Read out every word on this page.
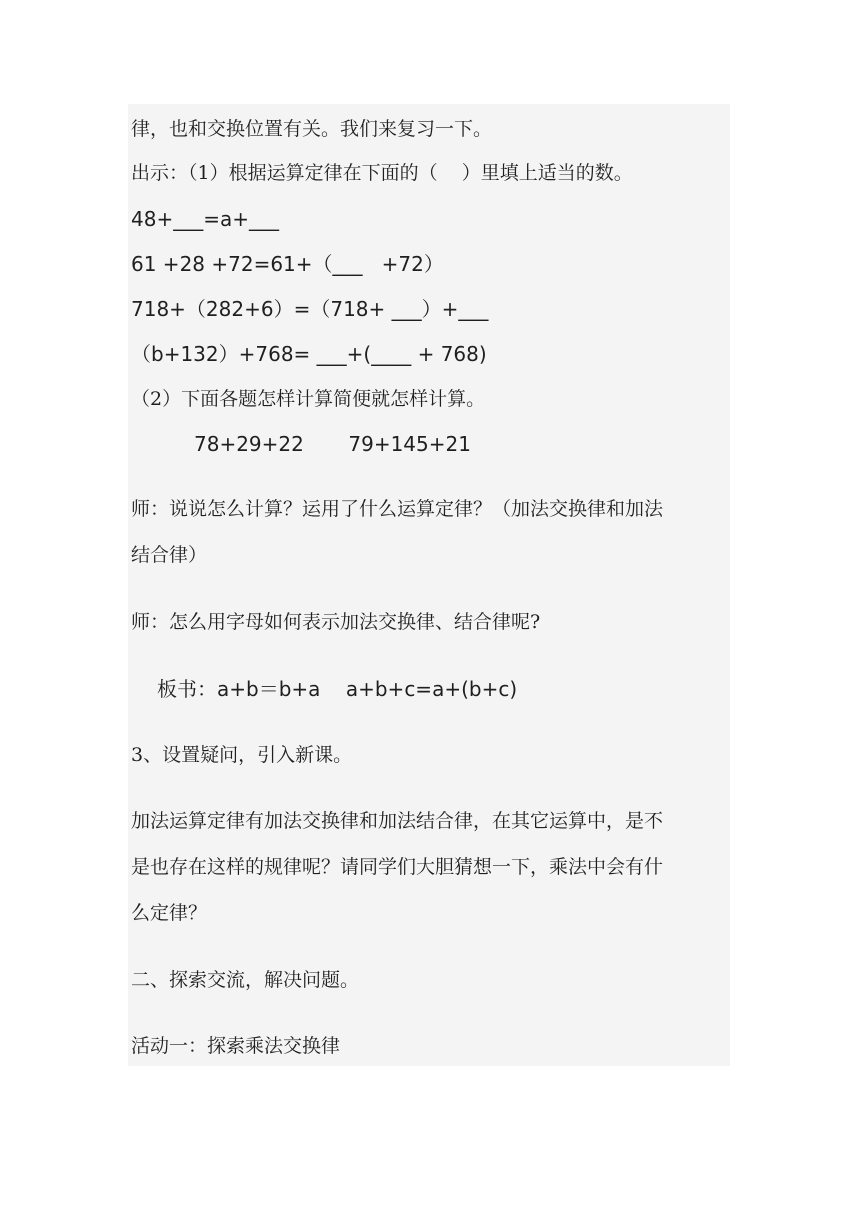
律，也和交换位置有关。我们来复习一下。
出示：（1）根据运算定律在下面的（    ）里填上适当的数。
48+___=a+___
61 +28 +72=61+（___   +72）
718+（282+6）=（718+ ___）+___
（b+132）+768= ___+(____ + 768)
（2）下面各题怎样计算简便就怎样计算。
78+29+22       79+145+21
师：说说怎么计算？运用了什么运算定律？（加法交换律和加法
结合律）
师：怎么用字母如何表示加法交换律、结合律呢?
板书：a+b＝b+a    a+b+c=a+(b+c)
3、设置疑问，引入新课。
加法运算定律有加法交换律和加法结合律，在其它运算中，是不
是也存在这样的规律呢？请同学们大胆猜想一下，乘法中会有什
么定律？
二、探索交流，解决问题。
活动一：探索乘法交换律
